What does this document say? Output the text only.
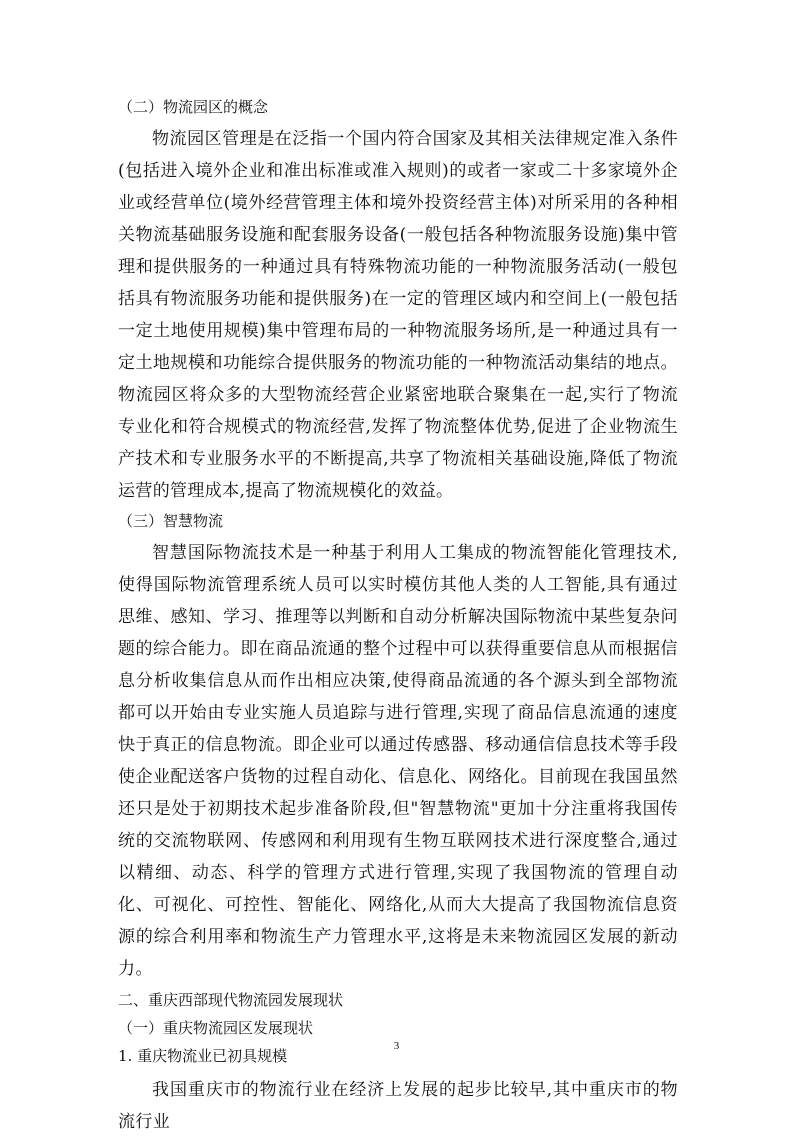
（二）物流园区的概念

物流园区管理是在泛指一个国内符合国家及其相关法律规定准入条件(包括进入境外企业和准出标准或准入规则)的或者一家或二十多家境外企业或经营单位(境外经营管理主体和境外投资经营主体)对所采用的各种相关物流基础服务设施和配套服务设备(一般包括各种物流服务设施)集中管理和提供服务的一种通过具有特殊物流功能的一种物流服务活动(一般包括具有物流服务功能和提供服务)在一定的管理区域内和空间上(一般包括一定土地使用规模)集中管理布局的一种物流服务场所,是一种通过具有一定土地规模和功能综合提供服务的物流功能的一种物流活动集结的地点。物流园区将众多的大型物流经营企业紧密地联合聚集在一起,实行了物流专业化和符合规模式的物流经营,发挥了物流整体优势,促进了企业物流生产技术和专业服务水平的不断提高,共享了物流相关基础设施,降低了物流运营的管理成本,提高了物流规模化的效益。

（三）智慧物流

智慧国际物流技术是一种基于利用人工集成的物流智能化管理技术,使得国际物流管理系统人员可以实时模仿其他人类的人工智能,具有通过思维、感知、学习、推理等以判断和自动分析解决国际物流中某些复杂问题的综合能力。即在商品流通的整个过程中可以获得重要信息从而根据信息分析收集信息从而作出相应决策,使得商品流通的各个源头到全部物流都可以开始由专业实施人员追踪与进行管理,实现了商品信息流通的速度快于真正的信息物流。即企业可以通过传感器、移动通信信息技术等手段使企业配送客户货物的过程自动化、信息化、网络化。目前现在我国虽然还只是处于初期技术起步准备阶段,但"智慧物流"更加十分注重将我国传统的交流物联网、传感网和利用现有生物互联网技术进行深度整合,通过以精细、动态、科学的管理方式进行管理,实现了我国物流的管理自动化、可视化、可控性、智能化、网络化,从而大大提高了我国物流信息资源的综合利用率和物流生产力管理水平,这将是未来物流园区发展的新动力。

二、重庆西部现代物流园发展现状
（一）重庆物流园区发展现状
1. 重庆物流业已初具规模

我国重庆市的物流行业在经济上发展的起步比较早,其中重庆市的物流行业

3
